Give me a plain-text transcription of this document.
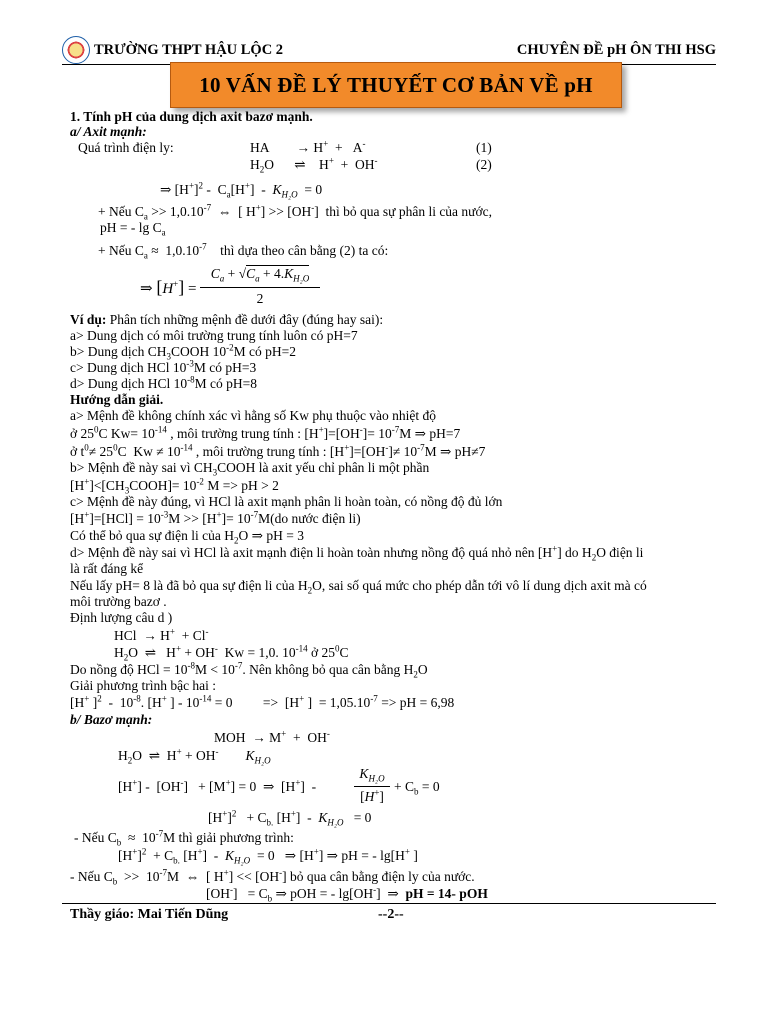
TRƯỜNG THPT HẬU LỘC 2	CHUYÊN ĐỀ pH ÔN THI HSG
10 VẤN ĐỀ LÝ THUYẾT CƠ BẢN VỀ pH
1. Tính pH của dung dịch axit bazơ mạnh.
a/ Axit mạnh:
Quá trình điện ly:	HA        → H+  +   A-	(1)
$H_2O$      ⇌    H+  +  OH-	(2)
⇒ $[H^+]^2 - C_a[H^+] - K_{H_2O} = 0$
+ Nếu $C_a >> 1,0.10^{-7}$  ⇔  [ H+] >> [OH-]  thì bỏ qua sự phân li của nước,
pH = - $\lg C_a$
+ Nếu $C_a \approx 1,0.10^{-7}$    thì dựa theo cân bằng (2) ta có:
⇒ [H+] =
$C_a + √C_a + 4.K_{H_2O}$
2
Ví dụ: Phân tích những mệnh đề dưới đây (đúng hay sai):
a> Dung dịch có môi trường trung tính luôn có pH=7
b> Dung dịch $CH_3COOH$ $10^{-2}M$ có pH=2
c> Dung dịch HCl $10^{-3}M$ có pH=3
d> Dung dịch HCl $10^{-8}M$ có pH=8
Hướng dẫn giải.
a> Mệnh đề không chính xác vì hằng số Kw phụ thuộc vào nhiệt độ
ở $25^0C$ $Kw= 10^{-14}$ , môi trường trung tính : $[H^+]=[OH^-]= 10^{-7}M$ ⇒ pH=7
ở $t^0\ne 25^0C$  $Kw \ne 10^{-14}$ , môi trường trung tính : $[H^+]=[OH^-]\ne 10^{-7}M$ ⇒ pH≠7
b> Mệnh đề này sai vì $CH_3COOH$ là axit yếu chỉ phân li một phần
$[H^+]<[CH_3COOH]= 10^{-2}$ M => pH > 2
c> Mệnh đề này đúng, vì HCl là axit mạnh phân li hoàn toàn, có nồng độ đủ lớn
$[H^+]=[HCl] = 10^{-3}M >> [H^+]= 10^{-7}M(do$ nước điện li)
Có thể bỏ qua sự điện li của $H_2O$ ⇒ pH = 3
d> Mệnh đề này sai vì HCl là axit mạnh điện li hoàn toàn nhưng nồng độ quá nhỏ nên [H+] do $H_2O$ điện li
là rất đáng kể
Nếu lấy pH= 8 là đã bỏ qua sự điện li của $H_2O$, sai số quá mức cho phép dẫn tới vô lí dung dịch axit mà có
môi trường bazơ .
Định lượng câu d )
HCl  → H+  + Cl-
$H_2O$  ⇌   H+ + OH-  Kw = 1,0. $10^{-14}$ ở $25^0C$
Do nồng độ HCl = $10^{-8}M < 10^{-7}$. Nên không bỏ qua cân bằng $H_2O$
Giải phương trình bậc hai :
[H+ ]$^2 - 10^{-8}$. [H+ ] - $10^{-14} = 0$         =>  [H+ ]  = $1,05.10^{-7}$ => pH = 6,98
b/ Bazơ mạnh:
MOH  → M+  +  OH-
$H_2O$  ⇌  H+ + OH- $K_{H_2O}$
[H+] -  [OH-]   + [M+] = 0  ⇒  [H+]  -
$K_{H_2O}$
[H+]
+ $C_b = 0$
$[H^+]^2 + C_{b.}$ $[H^+] - K_{H_2O} = 0$
- Nếu $C_b \approx 10^{-7}M$ thì giải phương trình:
$[H^+]^2 + C_{b.}$ $[H^+] - K_{H_2O} = 0$   ⇒ [H+] ⇒ pH = - lg[H+ ]
- Nếu $C_b >> 10^{-7}M$  ⇔  [ H+] << [OH-] bỏ qua cân bằng điện ly của nước.
$[OH^-] = C_b$ ⇒ pOH = - lg[OH-]  ⇒  pH = 14- pOH
Thầy giáo: Mai Tiến Dũng	--2--
